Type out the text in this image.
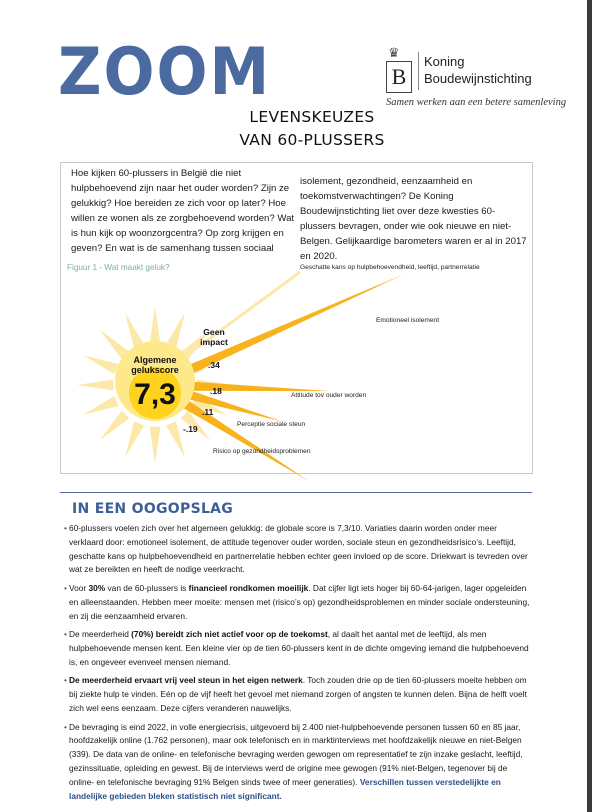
ZOOM	♛
B
Koning
Boudewijnstichting
Samen werken aan een betere samenleving
LEVENSKEUZES
VAN 60-PLUSSERS
Hoe kijken 60-plussers in België die niet hulpbehoevend zijn naar het ouder worden? Zijn ze gelukkig? Hoe bereiden ze zich voor op later? Hoe willen ze wonen als ze zorgbehoevend worden? Wat is hun kijk op woonzorgcentra? Op zorg krijgen en geven? En wat is de samenhang tussen sociaal
isolement, gezondheid, eenzaamheid en toekomstverwachtingen? De Koning Boudewijnstichting liet over deze kwesties 60-plussers bevragen, onder wie ook nieuwe en niet-Belgen. Gelijkaardige barometers waren er al in 2017 en 2020.
Figuur 1 - Wat maakt geluk?
Geen impact
Algemene gelukscore
7,3
Geschatte kans op hulpbehoevendheid, leeftijd, partnerrelatie
Emotioneel isolement
.34
Attitude tov ouder worden
.18
Perceptie sociale steun
.11
Risico op gezondheidsproblemen
-.19
IN EEN OOGOPSLAG
• 60-plussers voelen zich over het algemeen gelukkig: de globale score is 7,3/10. Variaties daarin worden onder meer verklaard door: emotioneel isolement, de attitude tegenover ouder worden, sociale steun en gezondheidsrisico’s. Leeftijd, geschatte kans op hulpbehoevendheid en partnerrelatie hebben echter geen invloed op de score. Driekwart is tevreden over wat ze bereikten en heeft de nodige veerkracht.
• Voor 30% van de 60-plussers is financieel rondkomen moeilijk. Dat cijfer ligt iets hoger bij 60-64-jarigen, lager opgeleiden en alleenstaanden. Hebben meer moeite: mensen met (risico’s op) gezondheidsproblemen en minder sociale ondersteuning, en zij die eenzaamheid ervaren.
• De meerderheid (70%) bereidt zich niet actief voor op de toekomst, al daalt het aantal met de leeftijd, als men hulpbehoevende mensen kent. Een kleine vier op de tien 60-plussers kent in de dichte omgeving iemand die hulpbehoevend is, en ongeveer evenveel mensen niemand.
• De meerderheid ervaart vrij veel steun in het eigen netwerk. Toch zouden drie op de tien 60-plussers moeite hebben om bij ziekte hulp te vinden. Eén op de vijf heeft het gevoel met niemand zorgen of angsten te kunnen delen. Bijna de helft voelt zich wel eens eenzaam. Deze cijfers veranderen nauwelijks.
• De bevraging is eind 2022, in volle energiecrisis, uitgevoerd bij 2.400 niet-hulpbehoevende personen tussen 60 en 85 jaar, hoofdzakelijk online (1.762 personen), maar ook telefonisch en in marktinterviews met hoofdzakelijk nieuwe en niet-Belgen (339). De data van de online- en telefonische bevraging werden gewogen om representatief te zijn inzake geslacht, leeftijd, gezinssituatie, opleiding en gewest. Bij de interviews werd de origine mee gewogen (91% niet-Belgen, tegenover bij de online- en telefonische bevraging 91% Belgen sinds twee of meer generaties). Verschillen tussen verstedelijkte en landelijke gebieden bleken statistisch niet significant.
